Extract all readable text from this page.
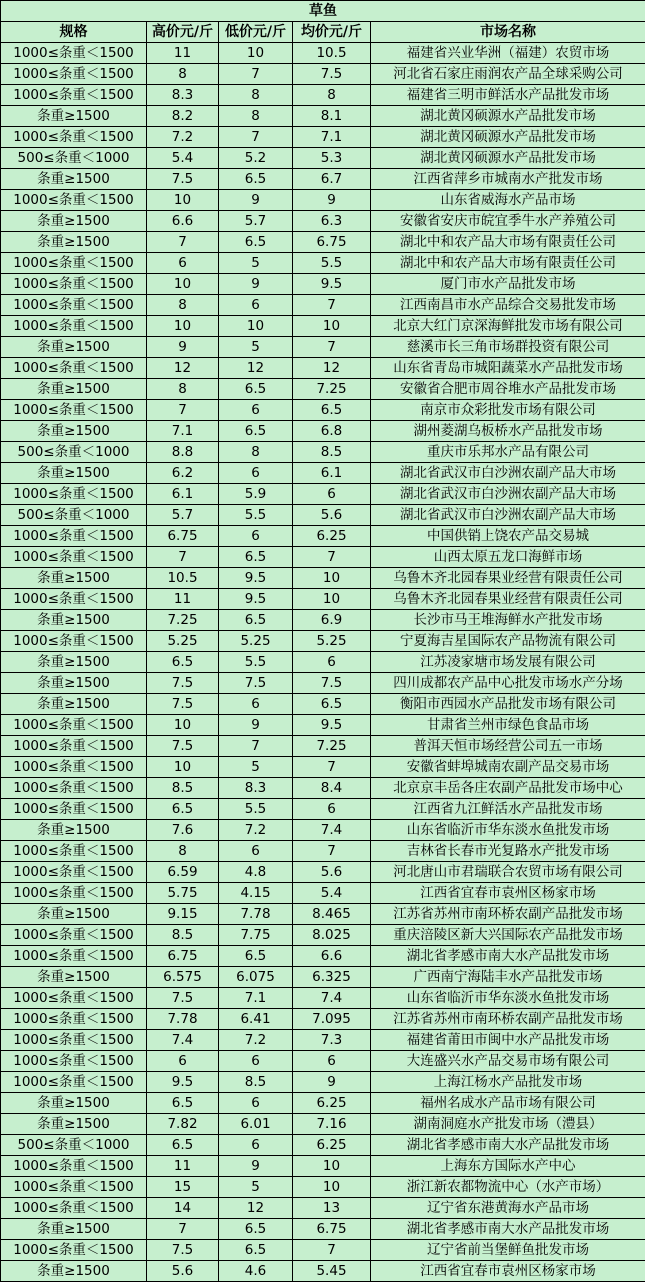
草鱼				
规格	高价元/斤	低价元/斤	均价元/斤	市场名称
1000≤条重＜1500	11	10	10.5	福建省兴业华洲（福建）农贸市场
1000≤条重＜1500	8	7	7.5	河北省石家庄雨润农产品全球采购公司
1000≤条重＜1500	8.3	8	8	福建省三明市鲜活水产品批发市场
条重≥1500	8.2	8	8.1	湖北黄冈硕源水产品批发市场
1000≤条重＜1500	7.2	7	7.1	湖北黄冈硕源水产品批发市场
500≤条重＜1000	5.4	5.2	5.3	湖北黄冈硕源水产品批发市场
条重≥1500	7.5	6.5	6.7	江西省萍乡市城南水产批发市场
1000≤条重＜1500	10	9	9	山东省威海水产品市场
条重≥1500	6.6	5.7	6.3	安徽省安庆市皖宜季牛水产养殖公司
条重≥1500	7	6.5	6.75	湖北中和农产品大市场有限责任公司
1000≤条重＜1500	6	5	5.5	湖北中和农产品大市场有限责任公司
1000≤条重＜1500	10	9	9.5	厦门市水产品批发市场
1000≤条重＜1500	8	6	7	江西南昌市水产品综合交易批发市场
1000≤条重＜1500	10	10	10	北京大红门京深海鲜批发市场有限公司
条重≥1500	9	5	7	慈溪市长三角市场群投资有限公司
1000≤条重＜1500	12	12	12	山东省青岛市城阳蔬菜水产品批发市场
条重≥1500	8	6.5	7.25	安徽省合肥市周谷堆水产品批发市场
1000≤条重＜1500	7	6	6.5	南京市众彩批发市场有限公司
条重≥1500	7.1	6.5	6.8	湖州菱湖乌板桥水产品批发市场
500≤条重＜1000	8.8	8	8.5	重庆市乐邦水产品有限公司
条重≥1500	6.2	6	6.1	湖北省武汉市白沙洲农副产品大市场
1000≤条重＜1500	6.1	5.9	6	湖北省武汉市白沙洲农副产品大市场
500≤条重＜1000	5.7	5.5	5.6	湖北省武汉市白沙洲农副产品大市场
1000≤条重＜1500	6.75	6	6.25	中国供销上饶农产品交易城
1000≤条重＜1500	7	6.5	7	山西太原五龙口海鲜市场
条重≥1500	10.5	9.5	10	乌鲁木齐北园春果业经营有限责任公司
1000≤条重＜1500	11	9.5	10	乌鲁木齐北园春果业经营有限责任公司
条重≥1500	7.25	6.5	6.9	长沙市马王堆海鲜水产批发市场
1000≤条重＜1500	5.25	5.25	5.25	宁夏海吉星国际农产品物流有限公司
条重≥1500	6.5	5.5	6	江苏凌家塘市场发展有限公司
条重≥1500	7.5	7.5	7.5	四川成都农产品中心批发市场水产分场
条重≥1500	7.5	6	6.5	衡阳市西园水产品批发市场有限公司
1000≤条重＜1500	10	9	9.5	甘肃省兰州市绿色食品市场
1000≤条重＜1500	7.5	7	7.25	普洱天恒市场经营公司五一市场
1000≤条重＜1500	10	5	7	安徽省蚌埠城南农副产品交易市场
1000≤条重＜1500	8.5	8.3	8.4	北京京丰岳各庄农副产品批发市场中心
1000≤条重＜1500	6.5	5.5	6	江西省九江鲜活水产品批发市场
条重≥1500	7.6	7.2	7.4	山东省临沂市华东淡水鱼批发市场
1000≤条重＜1500	8	6	7	吉林省长春市光复路水产批发市场
1000≤条重＜1500	6.59	4.8	5.6	河北唐山市君瑞联合农贸市场有限公司
1000≤条重＜1500	5.75	4.15	5.4	江西省宜春市袁州区杨家市场
条重≥1500	9.15	7.78	8.465	江苏省苏州市南环桥农副产品批发市场
1000≤条重＜1500	8.5	7.75	8.025	重庆涪陵区新大兴国际农产品批发市场
1000≤条重＜1500	6.75	6.5	6.6	湖北省孝感市南大水产品批发市场
条重≥1500	6.575	6.075	6.325	广西南宁海陆丰水产品批发市场
1000≤条重＜1500	7.5	7.1	7.4	山东省临沂市华东淡水鱼批发市场
1000≤条重＜1500	7.78	6.41	7.095	江苏省苏州市南环桥农副产品批发市场
1000≤条重＜1500	7.4	7.2	7.3	福建省莆田市闽中水产品批发市场
1000≤条重＜1500	6	6	6	大连盛兴水产品交易市场有限公司
1000≤条重＜1500	9.5	8.5	9	上海江杨水产品批发市场
条重≥1500	6.5	6	6.25	福州名成水产品市场有限公司
条重≥1500	7.82	6.01	7.16	湖南洞庭水产批发市场（澧县）
500≤条重＜1000	6.5	6	6.25	湖北省孝感市南大水产品批发市场
1000≤条重＜1500	11	9	10	上海东方国际水产中心
1000≤条重＜1500	15	5	10	浙江新农都物流中心（水产市场）
1000≤条重＜1500	14	12	13	辽宁省东港黄海水产品市场
条重≥1500	7	6.5	6.75	湖北省孝感市南大水产品批发市场
1000≤条重＜1500	7.5	6.5	7	辽宁省前当堡鲜鱼批发市场
条重≥1500	5.6	4.6	5.45	江西省宜春市袁州区杨家市场
